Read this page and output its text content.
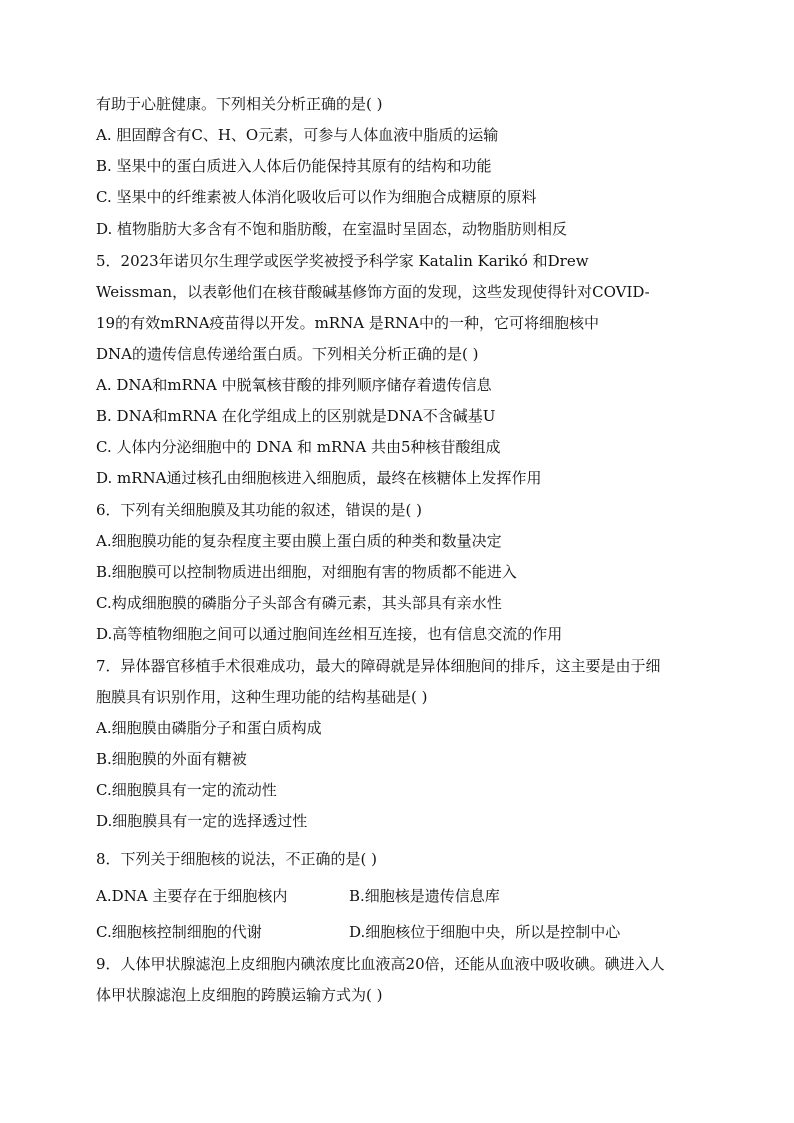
有助于心脏健康。下列相关分析正确的是( )
A. 胆固醇含有C、H、O元素，可参与人体血液中脂质的运输
B. 坚果中的蛋白质进入人体后仍能保持其原有的结构和功能
C. 坚果中的纤维素被人体消化吸收后可以作为细胞合成糖原的原料
D. 植物脂肪大多含有不饱和脂肪酸，在室温时呈固态，动物脂肪则相反
5．2023年诺贝尔生理学或医学奖被授予科学家 Katalin Karikó 和Drew
Weissman，以表彰他们在核苷酸碱基修饰方面的发现，这些发现使得针对COVID-
19的有效mRNA疫苗得以开发。mRNA 是RNA中的一种，它可将细胞核中
DNA的遗传信息传递给蛋白质。下列相关分析正确的是( )
A. DNA和mRNA 中脱氧核苷酸的排列顺序储存着遗传信息
B. DNA和mRNA 在化学组成上的区别就是DNA不含碱基U
C. 人体内分泌细胞中的 DNA 和 mRNA 共由5种核苷酸组成
D. mRNA通过核孔由细胞核进入细胞质，最终在核糖体上发挥作用
6．下列有关细胞膜及其功能的叙述，错误的是( )
A.细胞膜功能的复杂程度主要由膜上蛋白质的种类和数量决定
B.细胞膜可以控制物质进出细胞，对细胞有害的物质都不能进入
C.构成细胞膜的磷脂分子头部含有磷元素，其头部具有亲水性
D.高等植物细胞之间可以通过胞间连丝相互连接，也有信息交流的作用
7．异体器官移植手术很难成功，最大的障碍就是异体细胞间的排斥，这主要是由于细
胞膜具有识别作用，这种生理功能的结构基础是( )
A.细胞膜由磷脂分子和蛋白质构成
B.细胞膜的外面有糖被
C.细胞膜具有一定的流动性
D.细胞膜具有一定的选择透过性
8．下列关于细胞核的说法，不正确的是( )
A.DNA 主要存在于细胞核内	B.细胞核是遗传信息库
C.细胞核控制细胞的代谢	D.细胞核位于细胞中央，所以是控制中心
9．人体甲状腺滤泡上皮细胞内碘浓度比血液高20倍，还能从血液中吸收碘。碘进入人
体甲状腺滤泡上皮细胞的跨膜运输方式为( )
